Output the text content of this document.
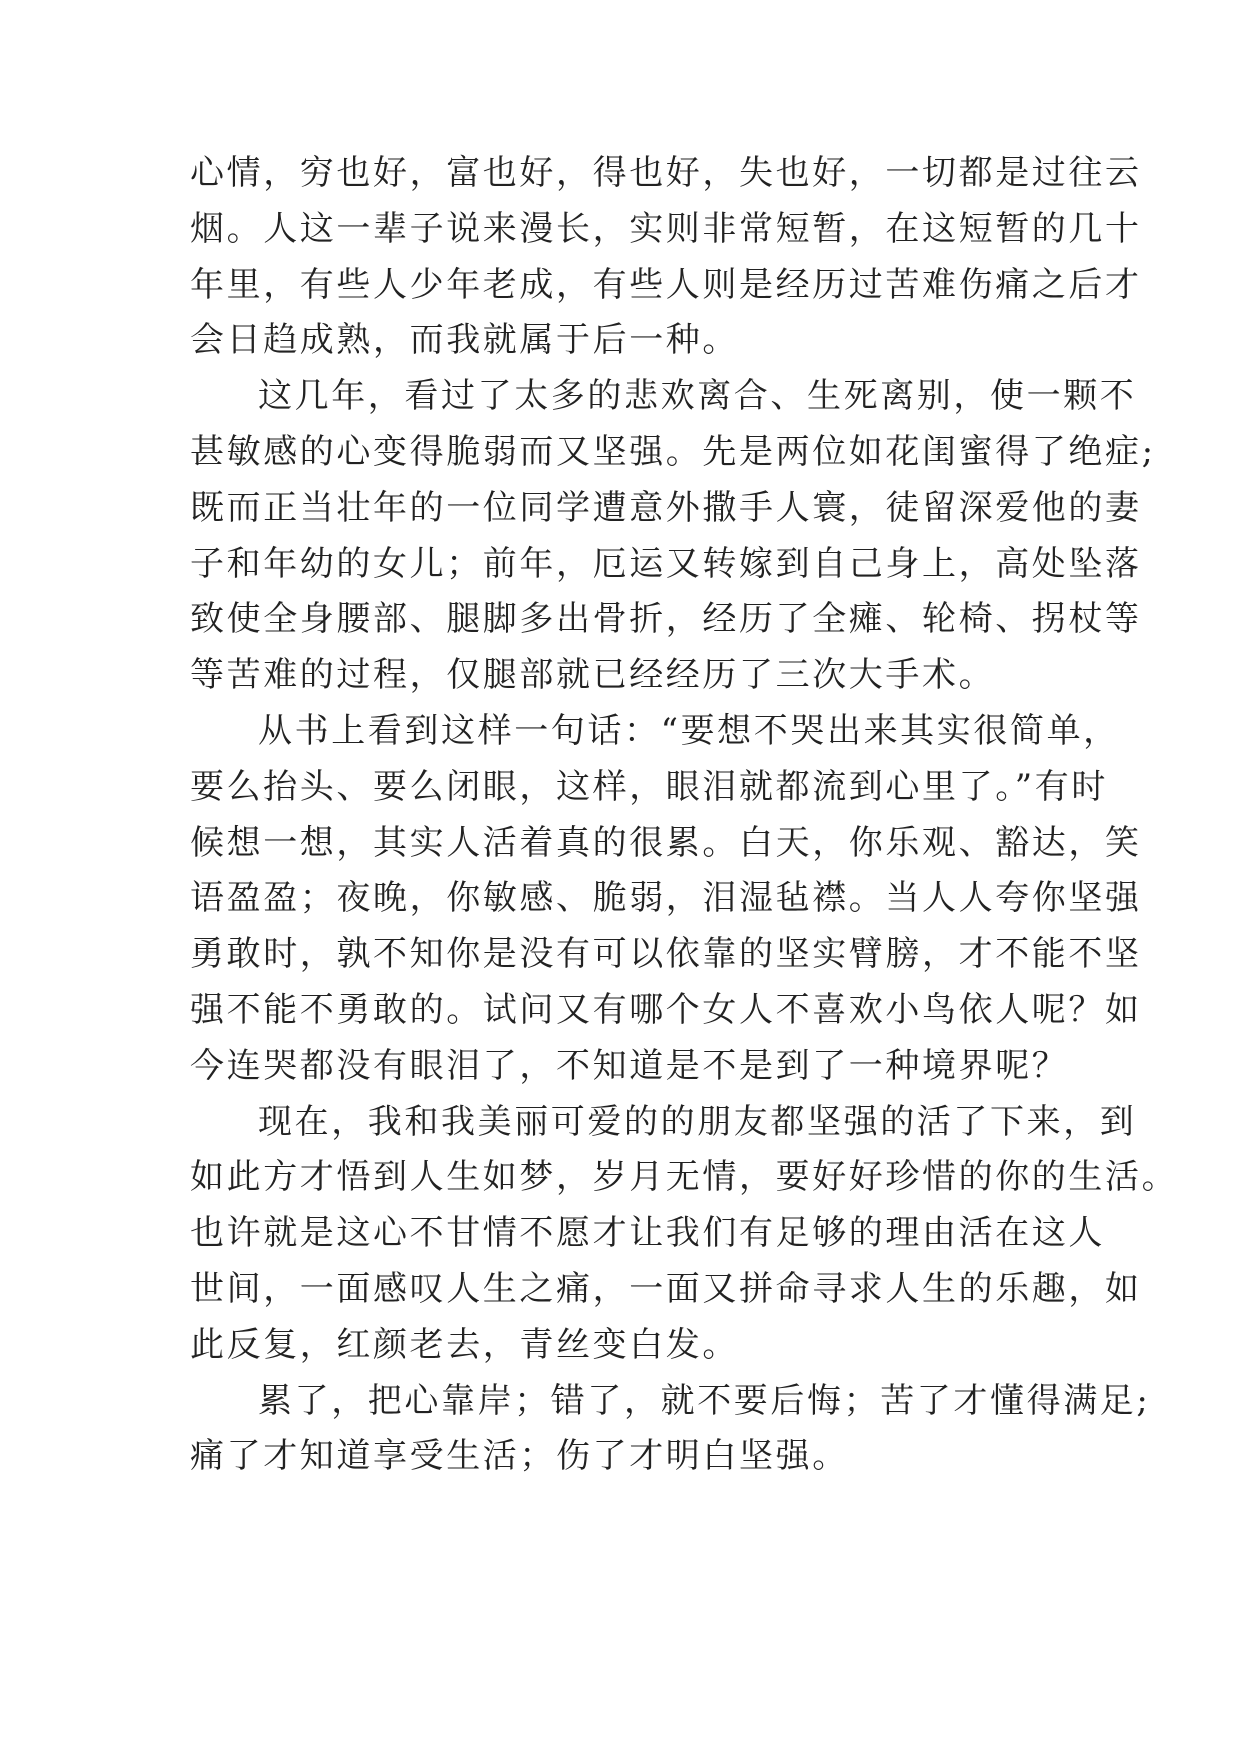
心情，穷也好，富也好，得也好，失也好，一切都是过往云
烟。人这一辈子说来漫长，实则非常短暂，在这短暂的几十
年里，有些人少年老成，有些人则是经历过苦难伤痛之后才
会日趋成熟，而我就属于后一种。
这几年，看过了太多的悲欢离合、生死离别，使一颗不
甚敏感的心变得脆弱而又坚强。先是两位如花闺蜜得了绝症;
既而正当壮年的一位同学遭意外撒手人寰，徒留深爱他的妻
子和年幼的女儿；前年，厄运又转嫁到自己身上，高处坠落
致使全身腰部、腿脚多出骨折，经历了全瘫、轮椅、拐杖等
等苦难的过程，仅腿部就已经经历了三次大手术。
从书上看到这样一句话：“要想不哭出来其实很简单，
要么抬头、要么闭眼，这样，眼泪就都流到心里了。”有时
候想一想，其实人活着真的很累。白天，你乐观、豁达，笑
语盈盈；夜晚，你敏感、脆弱，泪湿毡襟。当人人夸你坚强
勇敢时，孰不知你是没有可以依靠的坚实臂膀，才不能不坚
强不能不勇敢的。试问又有哪个女人不喜欢小鸟依人呢？如
今连哭都没有眼泪了，不知道是不是到了一种境界呢？
现在，我和我美丽可爱的的朋友都坚强的活了下来，到
如此方才悟到人生如梦，岁月无情，要好好珍惜的你的生活。
也许就是这心不甘情不愿才让我们有足够的理由活在这人
世间，一面感叹人生之痛，一面又拼命寻求人生的乐趣，如
此反复，红颜老去，青丝变白发。
累了，把心靠岸；错了，就不要后悔；苦了才懂得满足;
痛了才知道享受生活；伤了才明白坚强。
